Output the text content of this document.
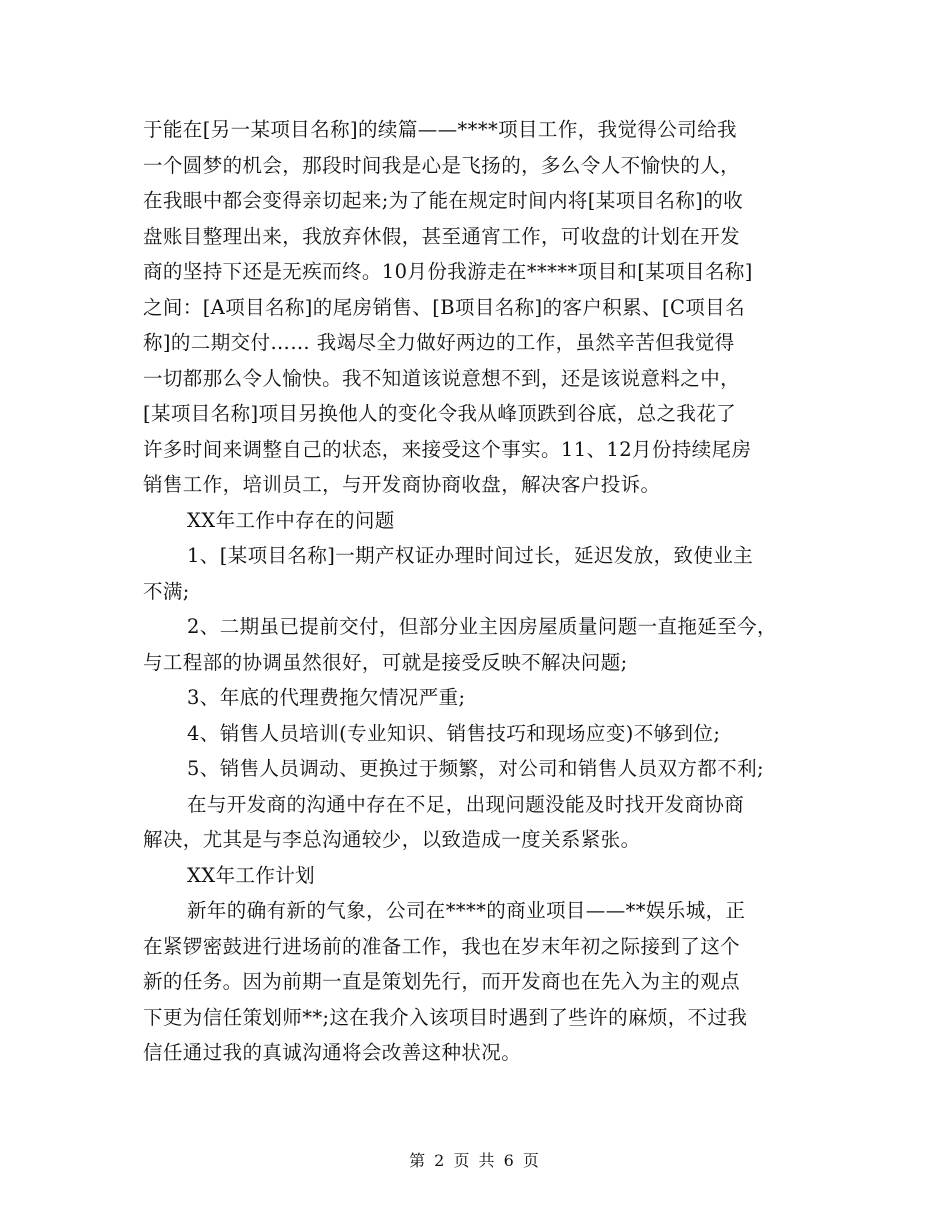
于能在[另一某项目名称]的续篇——****项目工作，我觉得公司给我
一个圆梦的机会，那段时间我是心是飞扬的，多么令人不愉快的人，
在我眼中都会变得亲切起来;为了能在规定时间内将[某项目名称]的收
盘账目整理出来，我放弃休假，甚至通宵工作，可收盘的计划在开发
商的坚持下还是无疾而终。10月份我游走在*****项目和[某项目名称]
之间：[A项目名称]的尾房销售、[B项目名称]的客户积累、[C项目名
称]的二期交付…… 我竭尽全力做好两边的工作，虽然辛苦但我觉得
一切都那么令人愉快。我不知道该说意想不到，还是该说意料之中，
[某项目名称]项目另换他人的变化令我从峰顶跌到谷底，总之我花了
许多时间来调整自己的状态，来接受这个事实。11、12月份持续尾房
销售工作，培训员工，与开发商协商收盘，解决客户投诉。
XX年工作中存在的问题
1、[某项目名称]一期产权证办理时间过长，延迟发放，致使业主
不满;
2、二期虽已提前交付，但部分业主因房屋质量问题一直拖延至今，
与工程部的协调虽然很好，可就是接受反映不解决问题;
3、年底的代理费拖欠情况严重;
4、销售人员培训(专业知识、销售技巧和现场应变)不够到位;
5、销售人员调动、更换过于频繁，对公司和销售人员双方都不利;
在与开发商的沟通中存在不足，出现问题没能及时找开发商协商
解决，尤其是与李总沟通较少，以致造成一度关系紧张。
XX年工作计划
新年的确有新的气象，公司在****的商业项目——**娱乐城，正
在紧锣密鼓进行进场前的准备工作，我也在岁末年初之际接到了这个
新的任务。因为前期一直是策划先行，而开发商也在先入为主的观点
下更为信任策划师**;这在我介入该项目时遇到了些许的麻烦，不过我
信任通过我的真诚沟通将会改善这种状况。
第 2 页 共 6 页
